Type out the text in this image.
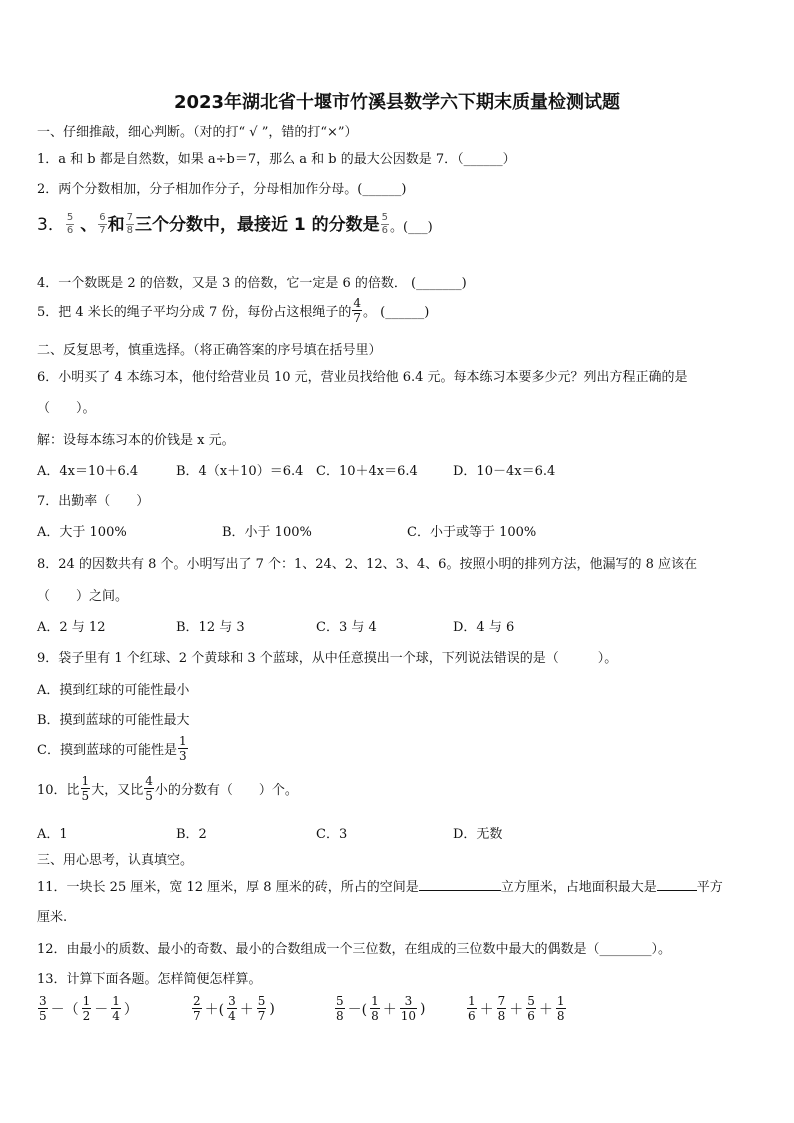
2023年湖北省十堰市竹溪县数学六下期末质量检测试题
一、仔细推敲，细心判断。（对的打“ √ ”，错的打“×”）
1．a 和 b 都是自然数，如果 a÷b＝7，那么 a 和 b 的最大公因数是 7．（______）
2．两个分数相加，分子相加作分子，分母相加作分母。(______)
3． $\frac{5}{6}$ 、 $\frac{6}{7}$ 和 $\frac{7}{8}$ 三个分数中，最接近 1 的分数是 $\frac{5}{6}$ 。(___)
4．一个数既是 2 的倍数，又是 3 的倍数，它一定是 6 的倍数． (_______)
5．把 4 米长的绳子平均分成 7 份，每份占这根绳子的 $\frac{4}{7}$ 。 (______)
二、反复思考，慎重选择。（将正确答案的序号填在括号里）
6．小明买了 4 本练习本，他付给营业员 10 元，营业员找给他 6.4 元。每本练习本要多少元？列出方程正确的是
（　　）。
解：设每本练习本的价钱是 x 元。
A．4x＝10＋6.4	B．4（x＋10）＝6.4 C．10＋4x＝6.4	D．10－4x＝6.4
7．出勤率（　　）
A．大于 100%	B．小于 100%	C．小于或等于 100%
8．24 的因数共有 8 个。小明写出了 7 个：1、24、2、12、3、4、6。按照小明的排列方法，他漏写的 8 应该在
（　　）之间。
A．2 与 12	B．12 与 3	C．3 与 4	D．4 与 6
9．袋子里有 1 个红球、2 个黄球和 3 个蓝球，从中任意摸出一个球，下列说法错误的是（　　　）。
A．摸到红球的可能性最小
B．摸到蓝球的可能性最大
C．摸到蓝球的可能性是 $\frac{1}{3}$
10．比 $\frac{1}{5}$ 大，又比 $\frac{4}{5}$ 小的分数有（　　）个。
A．1	B．2	C．3	D．无数
三、用心思考，认真填空。
11．一块长 25 厘米，宽 12 厘米，厚 8 厘米的砖，所占的空间是	立方厘米，占地面积最大是	平方
厘米.
12．由最小的质数、最小的奇数、最小的合数组成一个三位数，在组成的三位数中最大的偶数是（________）。
13．计算下面各题。怎样简便怎样算。
$\frac{3}{5}$ －（ $\frac{1}{2} - \frac{1}{4}$ ）	$\frac{2}{7}$ ＋( $\frac{3}{4} + \frac{5}{7}$ )	$\frac{5}{8}$ －( $\frac{1}{8} + \frac{3}{10}$ )	$\frac{1}{6} + \frac{7}{8} + \frac{5}{6} + \frac{1}{8}$
